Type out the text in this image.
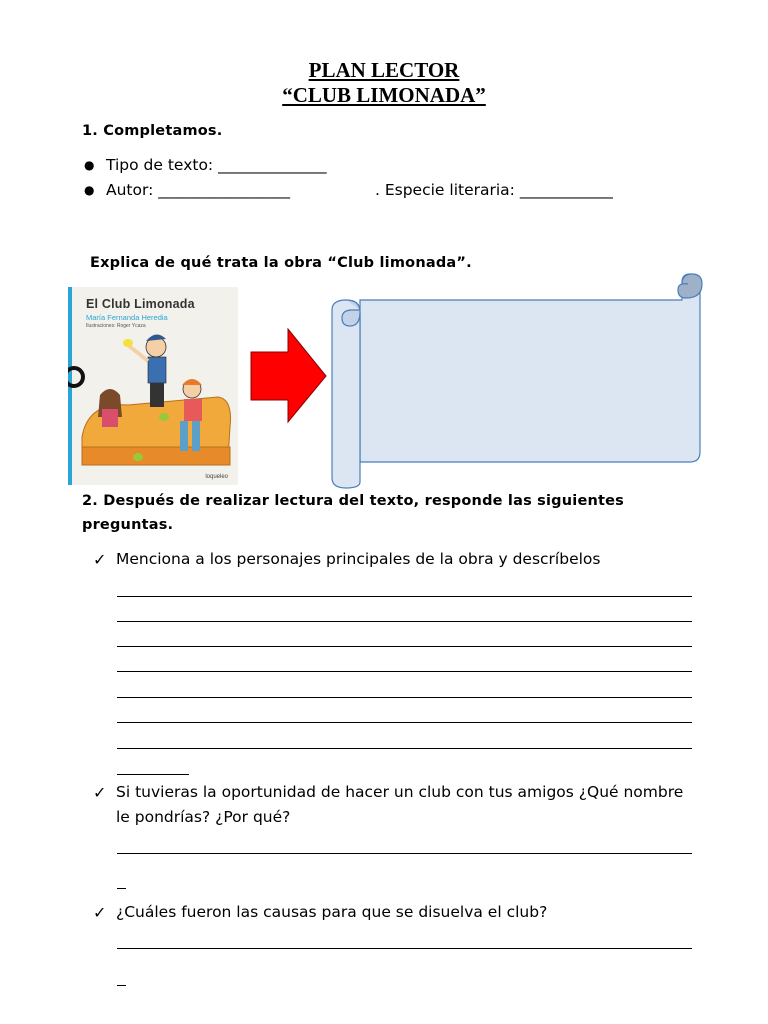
PLAN LECTOR
“CLUB LIMONADA”
1. Completamos.
● Tipo de texto: ______________
● Autor: _________________	. Especie literaria: ____________
Explica de qué trata la obra “Club limonada”.
El Club Limonada
María Fernanda Heredia
Ilustraciones: Roger Ycaza
loqueleo
2. Después de realizar lectura del texto, responde las siguientes
preguntas.
✓ Menciona a los personajes principales de la obra y descríbelos
✓ Si tuvieras la oportunidad de hacer un club con tus amigos ¿Qué nombre
le pondrías? ¿Por qué?
✓ ¿Cuáles fueron las causas para que se disuelva el club?
